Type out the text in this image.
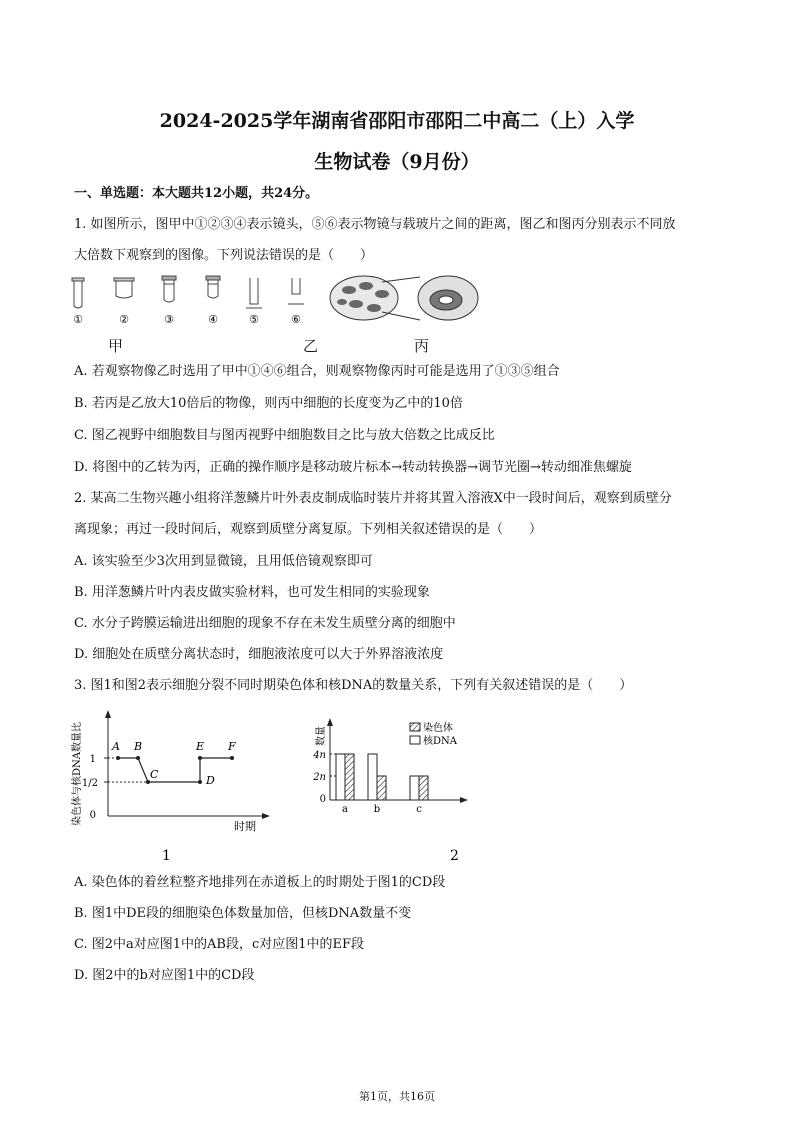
2024-2025学年湖南省邵阳市邵阳二中高二（上）入学
生物试卷（9月份）
一、单选题：本大题共12小题，共24分。
1. 如图所示，图甲中①②③④表示镜头，⑤⑥表示物镜与载玻片之间的距离，图乙和图丙分别表示不同放
大倍数下观察到的图像。下列说法错误的是（　　）
①	②	③	④	⑤	⑥
甲	乙	丙
A. 若观察物像乙时选用了甲中①④⑥组合，则观察物像丙时可能是选用了①③⑤组合
B. 若丙是乙放大10倍后的物像，则丙中细胞的长度变为乙中的10倍
C. 图乙视野中细胞数目与图丙视野中细胞数目之比与放大倍数之比成反比
D. 将图中的乙转为丙，正确的操作顺序是移动玻片标本→转动转换器→调节光圈→转动细准焦螺旋
2. 某高二生物兴趣小组将洋葱鳞片叶外表皮制成临时装片并将其置入溶液X中一段时间后，观察到质壁分
离现象；再过一段时间后，观察到质壁分离复原。下列相关叙述错误的是（　　）
A. 该实验至少3次用到显微镜，且用低倍镜观察即可
B. 用洋葱鳞片叶内表皮做实验材料，也可发生相同的实验现象
C. 水分子跨膜运输进出细胞的现象不存在未发生质壁分离的细胞中
D. 细胞处在质壁分离状态时，细胞液浓度可以大于外界溶液浓度
3. 图1和图2表示细胞分裂不同时期染色体和核DNA的数量关系，下列有关叙述错误的是（　　）
染色体与核DNA数量比 1
1/2
0
A B
C	D
E F
时期
1
数量
4n
2n
0
a	b	c
染色体
核DNA
2
A. 染色体的着丝粒整齐地排列在赤道板上的时期处于图1的CD段
B. 图1中DE段的细胞染色体数量加倍，但核DNA数量不变
C. 图2中a对应图1中的AB段，c对应图1中的EF段
D. 图2中的b对应图1中的CD段
第1页，共16页
